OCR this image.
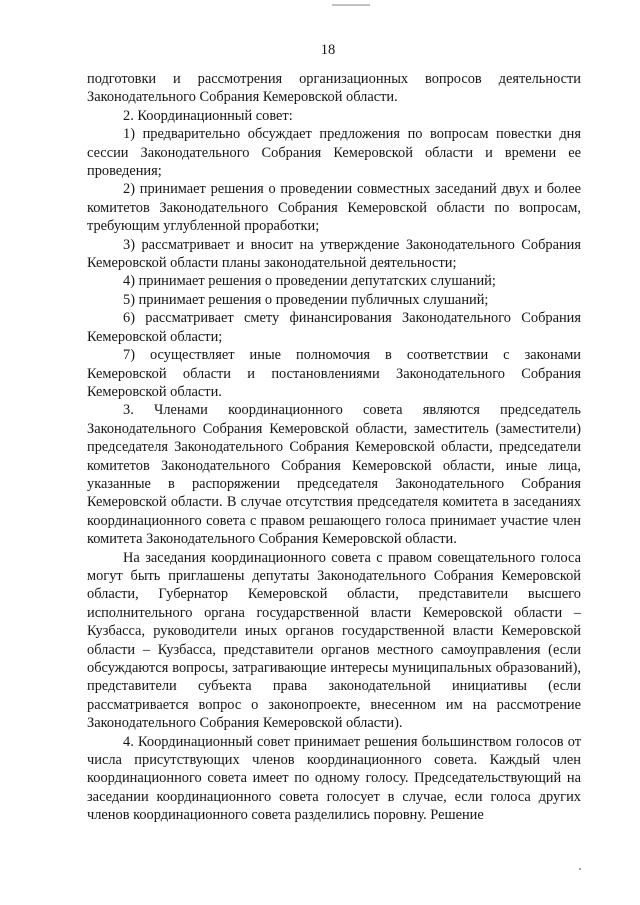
18

подготовки и рассмотрения организационных вопросов деятельности Законодательного Собрания Кемеровской области.

2. Координационный совет:

1) предварительно обсуждает предложения по вопросам повестки дня сессии Законодательного Собрания Кемеровской области и времени ее проведения;

2) принимает решения о проведении совместных заседаний двух и более комитетов Законодательного Собрания Кемеровской области по вопросам, требующим углубленной проработки;

3) рассматривает и вносит на утверждение Законодательного Собрания Кемеровской области планы законодательной деятельности;

4) принимает решения о проведении депутатских слушаний;

5) принимает решения о проведении публичных слушаний;

6) рассматривает смету финансирования Законодательного Собрания Кемеровской области;

7) осуществляет иные полномочия в соответствии с законами Кемеровской области и постановлениями Законодательного Собрания Кемеровской области.

3. Членами координационного совета являются председатель Законодательного Собрания Кемеровской области, заместитель (заместители) председателя Законодательного Собрания Кемеровской области, председатели комитетов Законодательного Собрания Кемеровской области, иные лица, указанные в распоряжении председателя Законодательного Собрания Кемеровской области. В случае отсутствия председателя комитета в заседаниях координационного совета с правом решающего голоса принимает участие член комитета Законодательного Собрания Кемеровской области.

На заседания координационного совета с правом совещательного голоса могут быть приглашены депутаты Законодательного Собрания Кемеровской области, Губернатор Кемеровской области, представители высшего исполнительного органа государственной власти Кемеровской области – Кузбасса, руководители иных органов государственной власти Кемеровской области – Кузбасса, представители органов местного самоуправления (если обсуждаются вопросы, затрагивающие интересы муниципальных образований), представители субъекта права законодательной инициативы (если рассматривается вопрос о законопроекте, внесенном им на рассмотрение Законодательного Собрания Кемеровской области).

4. Координационный совет принимает решения большинством голосов от числа присутствующих членов координационного совета. Каждый член координационного совета имеет по одному голосу. Председательствующий на заседании координационного совета голосует в случае, если голоса других членов координационного совета разделились поровну. Решение
